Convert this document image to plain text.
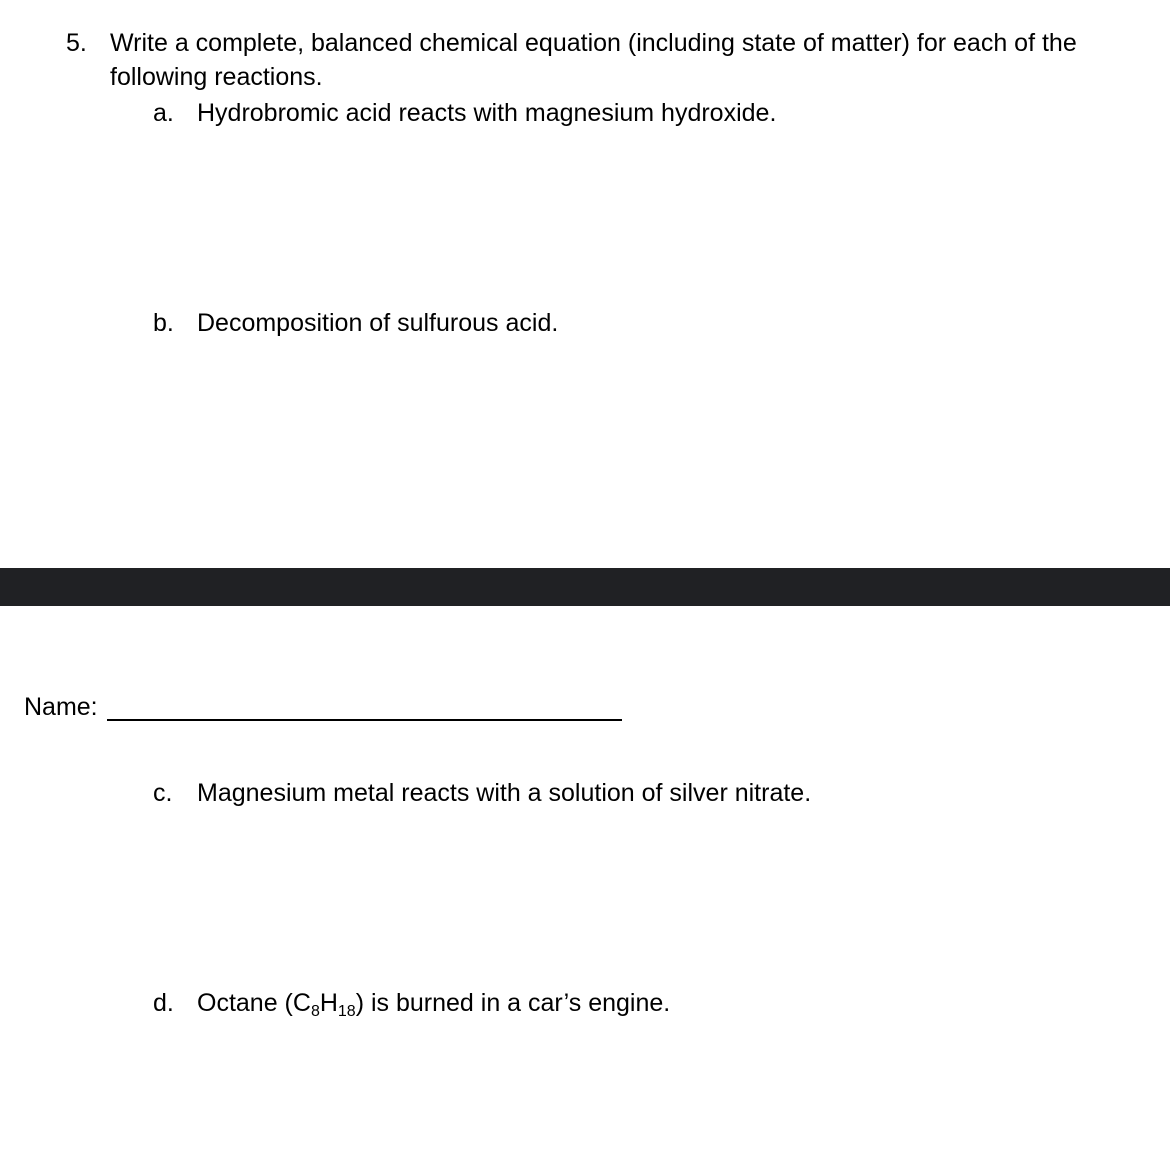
5. Write a complete, balanced chemical equation (including state of matter) for each of the following reactions.
a. Hydrobromic acid reacts with magnesium hydroxide.
b. Decomposition of sulfurous acid.
Name:
c. Magnesium metal reacts with a solution of silver nitrate.
d. Octane $(C_8H_{18})$ is burned in a car’s engine.
